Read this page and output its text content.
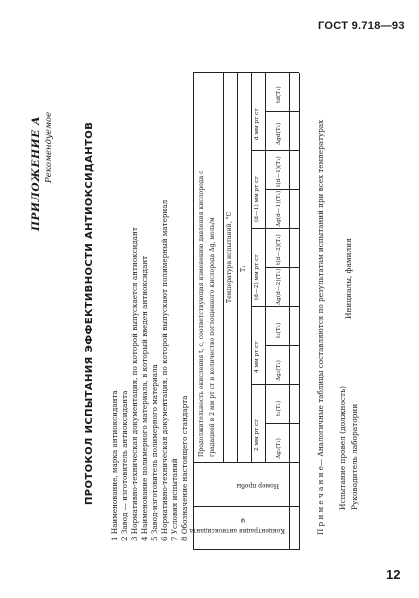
ГОСТ 9.718—93
ПРИЛОЖЕНИЕ А Рекомендуемое	ПРОТОКОЛ ИСПЫТАНИЯ ЭФФЕКТИВНОСТИ АНТИОКСИДАНТОВ 1 Наименование, марка антиоксиданта 2 Завод — изготовитель антиоксиданта 3 Нормативно-техническая документация, по которой выпускается антиоксидант 4 Наименование полимерного материала, в который введен антиоксидант 5 Завод-изготовитель полимерного материала 6 Нормативно-техническая документация, по которой выпускают полимерный материал 7 Условия испытаний 8 Обозначение настоящего стандарта Концентрация антиоксиданта
φ
Номер пробы
Продолжительность окисления t, с, соответствующая изменению давления кислорода с градацией в 2 мм рт ст и количество поглощенного кислорода Δg, моль/м Температура испытаний, °С T₁
2 мм рт ст
4 мм рт ст
(d—2) мм рт ст
(d—1) мм рт ст
d мм рт ст
Δg₁(T₁)
t₁(T₁)
Δg₂(T₁)
t₂(T₁)
Δg(d—2)(T₁)
t(d—2)(T₁)
Δg(d—1)(T₁)
t(d—1)(T₁)
Δgd(T₁)
td(T₁)
П р и м е ч а н и е— Аналогичные таблицы составляются по результатам испытаний при всех температурах Испытание провел (должность) Руководитель лаборатории
Инициалы, фамилия
12
